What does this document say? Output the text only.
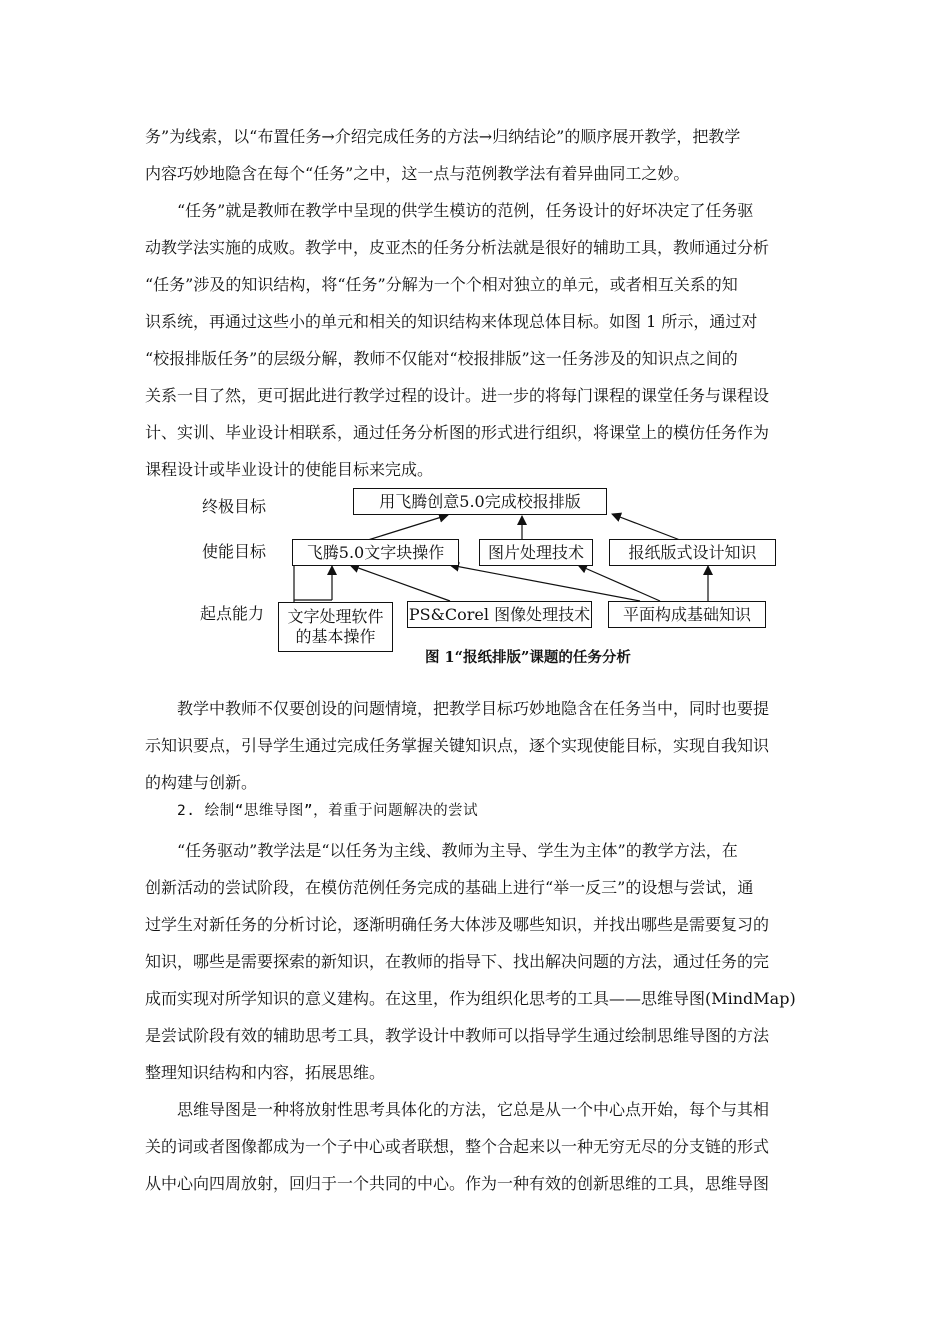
务”为线索，以“布置任务→介绍完成任务的方法→归纳结论”的顺序展开教学，把教学
内容巧妙地隐含在每个“任务”之中，这一点与范例教学法有着异曲同工之妙。
“任务”就是教师在教学中呈现的供学生模访的范例，任务设计的好坏决定了任务驱
动教学法实施的成败。教学中，皮亚杰的任务分析法就是很好的辅助工具，教师通过分析
“任务”涉及的知识结构，将“任务”分解为一个个相对独立的单元，或者相互关系的知
识系统，再通过这些小的单元和相关的知识结构来体现总体目标。如图 1 所示，通过对
“校报排版任务”的层级分解，教师不仅能对“校报排版”这一任务涉及的知识点之间的
关系一目了然，更可据此进行教学过程的设计。进一步的将每门课程的课堂任务与课程设
计、实训、毕业设计相联系，通过任务分析图的形式进行组织，将课堂上的模仿任务作为
课程设计或毕业设计的使能目标来完成。
终极目标
使能目标
起点能力
用飞腾创意5.0完成校报排版
飞腾5.0文字块操作	图片处理技术	报纸版式设计知识
文字处理软件
的基本操作
PS&Corel 图像处理技术	平面构成基础知识
图 1“报纸排版”课题的任务分析
教学中教师不仅要创设的问题情境，把教学目标巧妙地隐含在任务当中，同时也要提
示知识要点，引导学生通过完成任务掌握关键知识点，逐个实现使能目标，实现自我知识
的构建与创新。
2. 绘制“思维导图”，着重于问题解决的尝试
“任务驱动”教学法是“以任务为主线、教师为主导、学生为主体”的教学方法，在
创新活动的尝试阶段，在模仿范例任务完成的基础上进行“举一反三”的设想与尝试，通
过学生对新任务的分析讨论，逐渐明确任务大体涉及哪些知识，并找出哪些是需要复习的
知识，哪些是需要探索的新知识，在教师的指导下、找出解决问题的方法，通过任务的完
成而实现对所学知识的意义建构。在这里，作为组织化思考的工具——思维导图(MindMap)
是尝试阶段有效的辅助思考工具，教学设计中教师可以指导学生通过绘制思维导图的方法
整理知识结构和内容，拓展思维。
思维导图是一种将放射性思考具体化的方法，它总是从一个中心点开始，每个与其相
关的词或者图像都成为一个子中心或者联想，整个合起来以一种无穷无尽的分支链的形式
从中心向四周放射，回归于一个共同的中心。作为一种有效的创新思维的工具，思维导图
